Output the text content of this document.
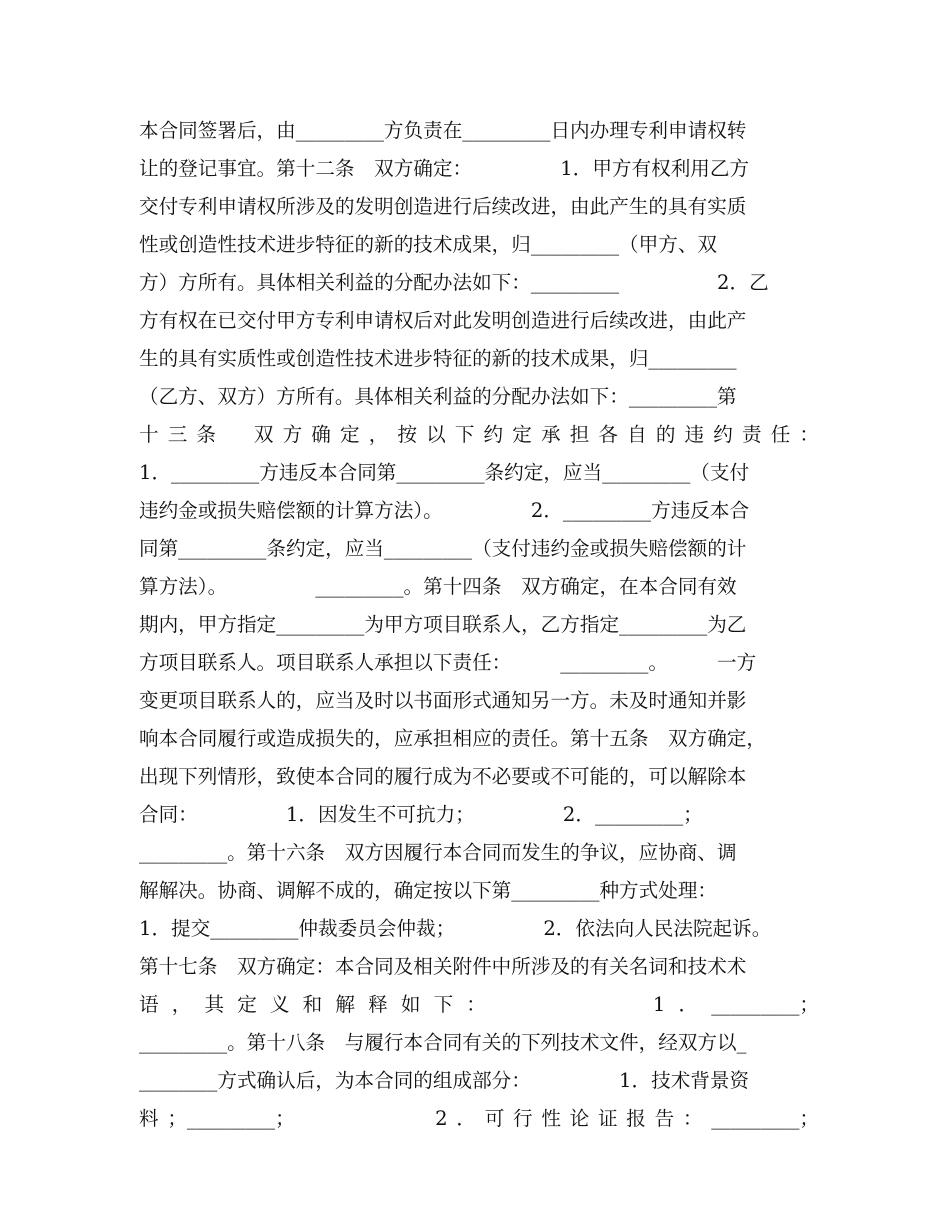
本合同签署后，由_________方负责在_________日内办理专利申请权转
让的登记事宜。第十二条　双方确定：　　　　　1．甲方有权利用乙方
交付专利申请权所涉及的发明创造进行后续改进，由此产生的具有实质
性或创造性技术进步特征的新的技术成果，归_________（甲方、双
方）方所有。具体相关利益的分配办法如下：_________　　　　　2．乙
方有权在已交付甲方专利申请权后对此发明创造进行后续改进，由此产
生的具有实质性或创造性技术进步特征的新的技术成果，归_________
（乙方、双方）方所有。具体相关利益的分配办法如下：_________第
十三条　双方确定，按以下约定承担各自的违约责任：
1．_________方违反本合同第_________条约定，应当_________（支付
违约金或损失赔偿额的计算方法）。　　　　　2．_________方违反本合
同第_________条约定，应当_________（支付违约金或损失赔偿额的计
算方法）。　　　　　_________。第十四条　双方确定，在本合同有效
期内，甲方指定_________为甲方项目联系人，乙方指定_________为乙
方项目联系人。项目联系人承担以下责任：　　　_________。　　　一方
变更项目联系人的，应当及时以书面形式通知另一方。未及时通知并影
响本合同履行或造成损失的，应承担相应的责任。第十五条　双方确定，
出现下列情形，致使本合同的履行成为不必要或不可能的，可以解除本
合同：　　　　　1．因发生不可抗力；　　　　　2．_________；
_________。第十六条　双方因履行本合同而发生的争议，应协商、调
解解决。协商、调解不成的，确定按以下第_________种方式处理：
1．提交_________仲裁委员会仲裁；　　　　　2．依法向人民法院起诉。
第十七条　双方确定：本合同及相关附件中所涉及的有关名词和技术术
语，其定义和解释如下：　　　　　1．_________；
_________。第十八条　与履行本合同有关的下列技术文件，经双方以_
________方式确认后，为本合同的组成部分：　　　　　1．技术背景资
料；_________；　　　　　2．可行性论证报告：_________；
